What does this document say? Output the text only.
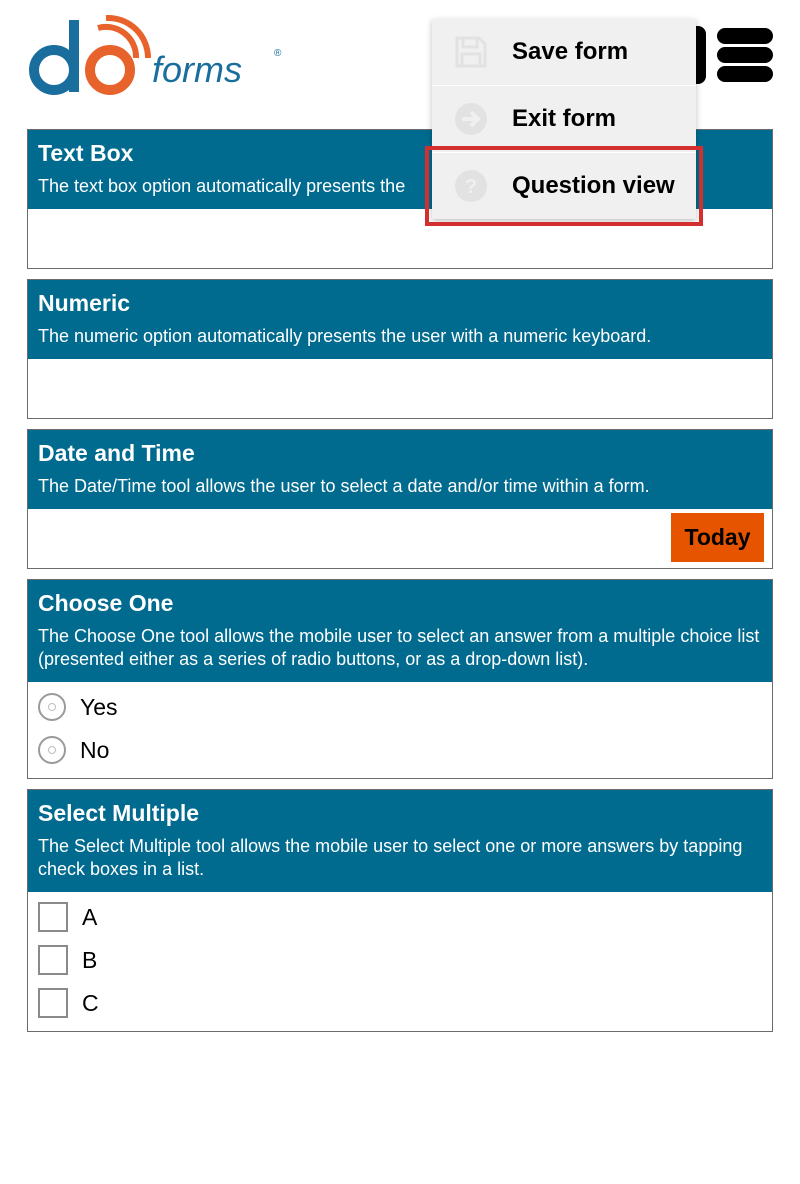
forms	®
Text Box
The text box option automatically presents the
Numeric
The numeric option automatically presents the user with a numeric keyboard.
Date and Time
The Date/Time tool allows the user to select a date and/or time within a form.
Today
Choose One
The Choose One tool allows the mobile user to select an answer from a multiple choice list (presented either as a series of radio buttons, or as a drop-down list).
Yes
No
Select Multiple
The Select Multiple tool allows the mobile user to select one or more answers by tapping check boxes in a list.
A
B
C
Save form
Exit form
? Question view
